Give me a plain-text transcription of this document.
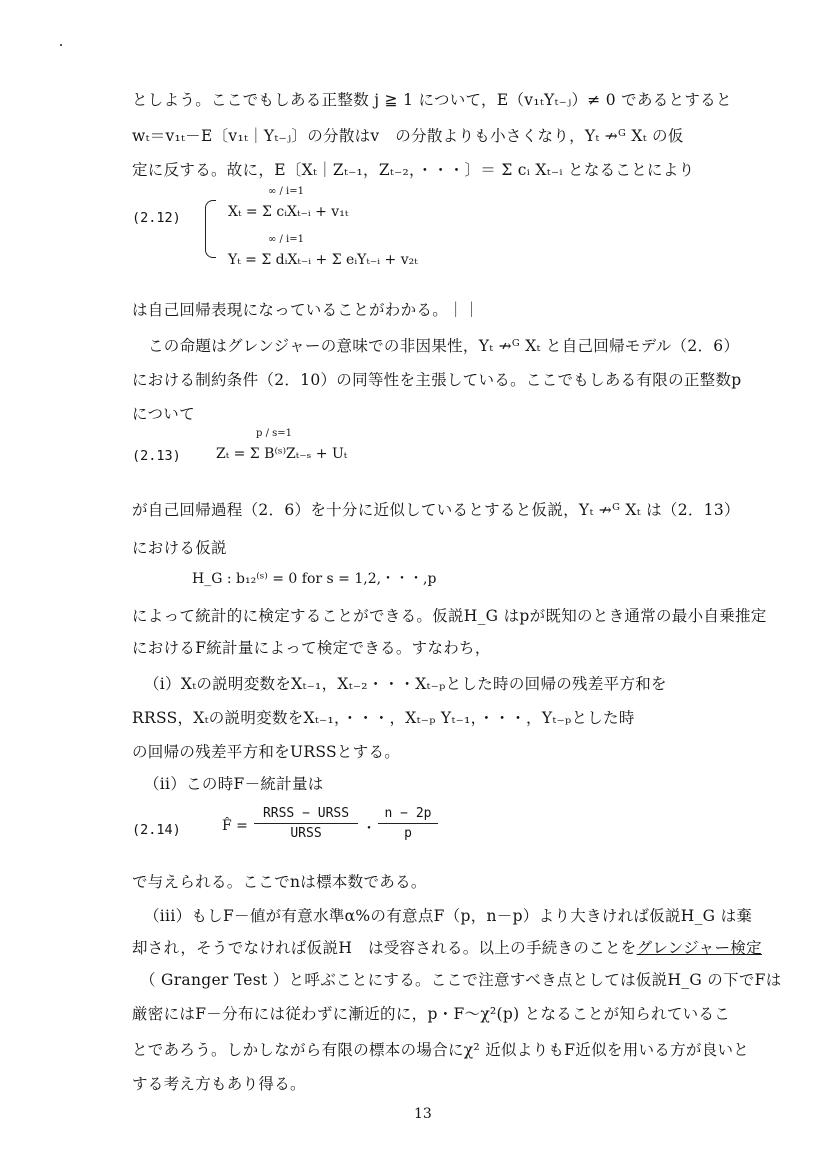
としよう。ここでもしある正整数 j ≧ 1 について，E（v₁ₜYₜ₋ⱼ）≠ 0 であるとすると
wₜ＝v₁ₜ－E〔v₁ₜ｜Yₜ₋ⱼ〕の分散はv　の分散よりも小さくなり，Yₜ ↛ᴳ Xₜ の仮
定に反する。故に，E〔Xₜ｜Zₜ₋₁，Zₜ₋₂，・・・〕＝ Σ cᵢ Xₜ₋ᵢ となることにより
(2.12)
∞ / i=1
Xₜ = Σ cᵢXₜ₋ᵢ + v₁ₜ
∞ / i=1
Yₜ = Σ dᵢXₜ₋ᵢ + Σ eᵢYₜ₋ᵢ + v₂ₜ
は自己回帰表現になっていることがわかる。｜｜
この命題はグレンジャーの意味での非因果性，Yₜ ↛ᴳ Xₜ と自己回帰モデル（2．6）
における制約条件（2．10）の同等性を主張している。ここでもしある有限の正整数p
について
(2.13)
p / s=1
Zₜ = Σ B⁽ˢ⁾Zₜ₋ₛ + Uₜ
が自己回帰過程（2．6）を十分に近似しているとすると仮説，Yₜ ↛ᴳ Xₜ は（2．13）
における仮説
H_G : b₁₂⁽ˢ⁾ = 0 for s = 1,2,・・・,p
によって統計的に検定することができる。仮説H_G はpが既知のとき通常の最小自乗推定
におけるF統計量によって検定できる。すなわち，
（i）Xₜの説明変数をXₜ₋₁，Xₜ₋₂・・・Xₜ₋ₚとした時の回帰の残差平方和を
RRSS，Xₜの説明変数をXₜ₋₁，・・・，Xₜ₋ₚ Yₜ₋₁，・・・，Yₜ₋ₚとした時
の回帰の残差平方和をURSSとする。
（ii）この時F－統計量は
(2.14)	F̂ =
RRSS − URSS
URSS	・ $\frac{n - 2p}{p}$
で与えられる。ここでnは標本数である。
（iii）もしF－値が有意水準α%の有意点F（p，n－p）より大きければ仮説H_G は棄
却され，そうでなければ仮説H　は受容される。以上の手続きのことをグレンジャー検定
（ Granger Test ）と呼ぶことにする。ここで注意すべき点としては仮説H_G の下でFは
厳密にはF－分布には従わずに漸近的に，p・F～χ²(p) となることが知られているこ
とであろう。しかしながら有限の標本の場合にχ² 近似よりもF近似を用いる方が良いと
する考え方もあり得る。
13
